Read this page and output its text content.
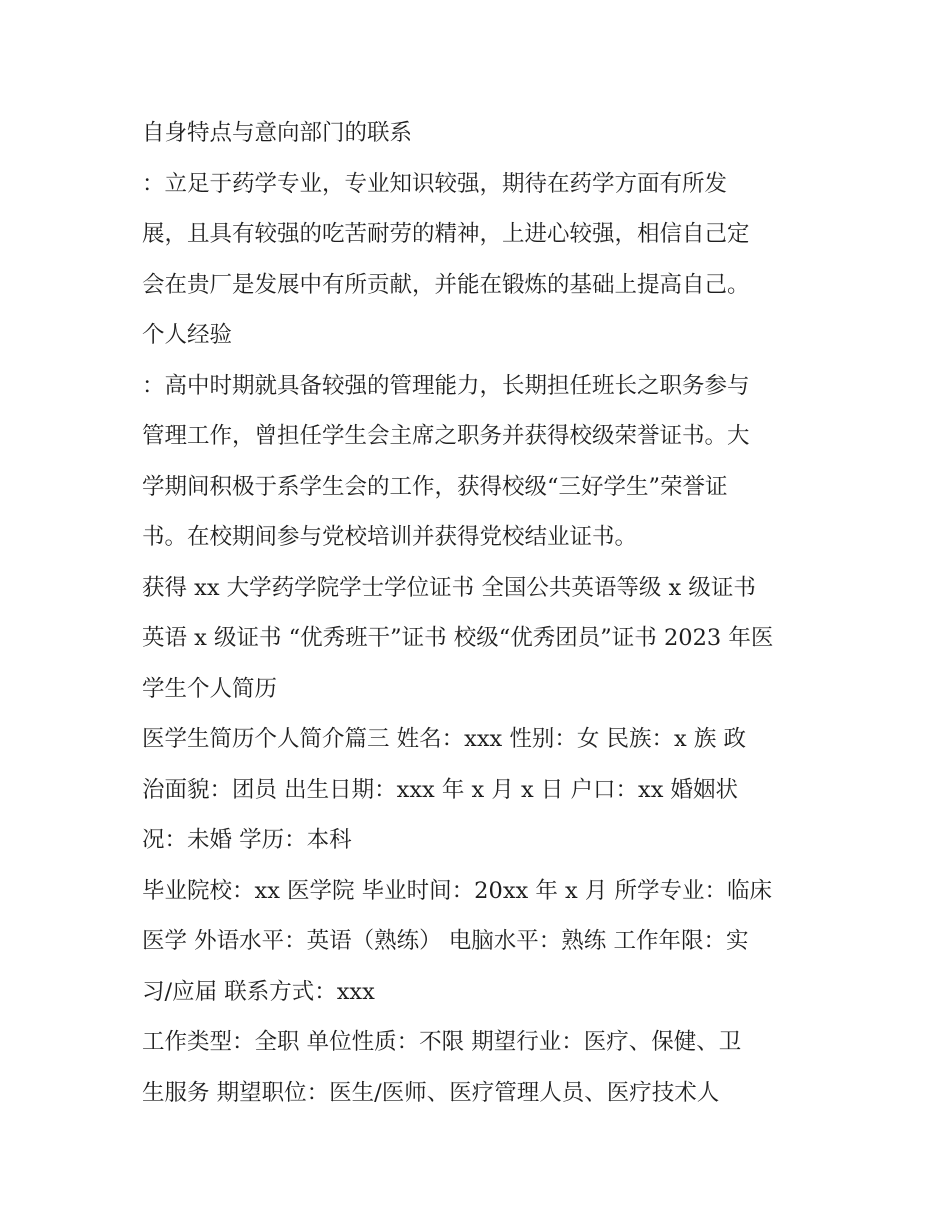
自身特点与意向部门的联系
：立足于药学专业，专业知识较强，期待在药学方面有所发
展，且具有较强的吃苦耐劳的精神，上进心较强，相信自己定
会在贵厂是发展中有所贡献，并能在锻炼的基础上提高自己。
个人经验
：高中时期就具备较强的管理能力，长期担任班长之职务参与
管理工作，曾担任学生会主席之职务并获得校级荣誉证书。大
学期间积极于系学生会的工作，获得校级“三好学生”荣誉证
书。在校期间参与党校培训并获得党校结业证书。
获得 xx 大学药学院学士学位证书 全国公共英语等级 x 级证书
英语 x 级证书 “优秀班干”证书 校级“优秀团员”证书 2023 年医
学生个人简历
医学生简历个人简介篇三 姓名：xxx 性别：女 民族：x 族 政
治面貌：团员 出生日期：xxx 年 x 月 x 日 户口：xx 婚姻状
况：未婚 学历：本科
毕业院校：xx 医学院 毕业时间：20xx 年 x 月 所学专业：临床
医学 外语水平：英语（熟练） 电脑水平：熟练 工作年限：实
习/应届 联系方式：xxx
工作类型：全职 单位性质：不限 期望行业：医疗、保健、卫
生服务 期望职位：医生/医师、医疗管理人员、医疗技术人
